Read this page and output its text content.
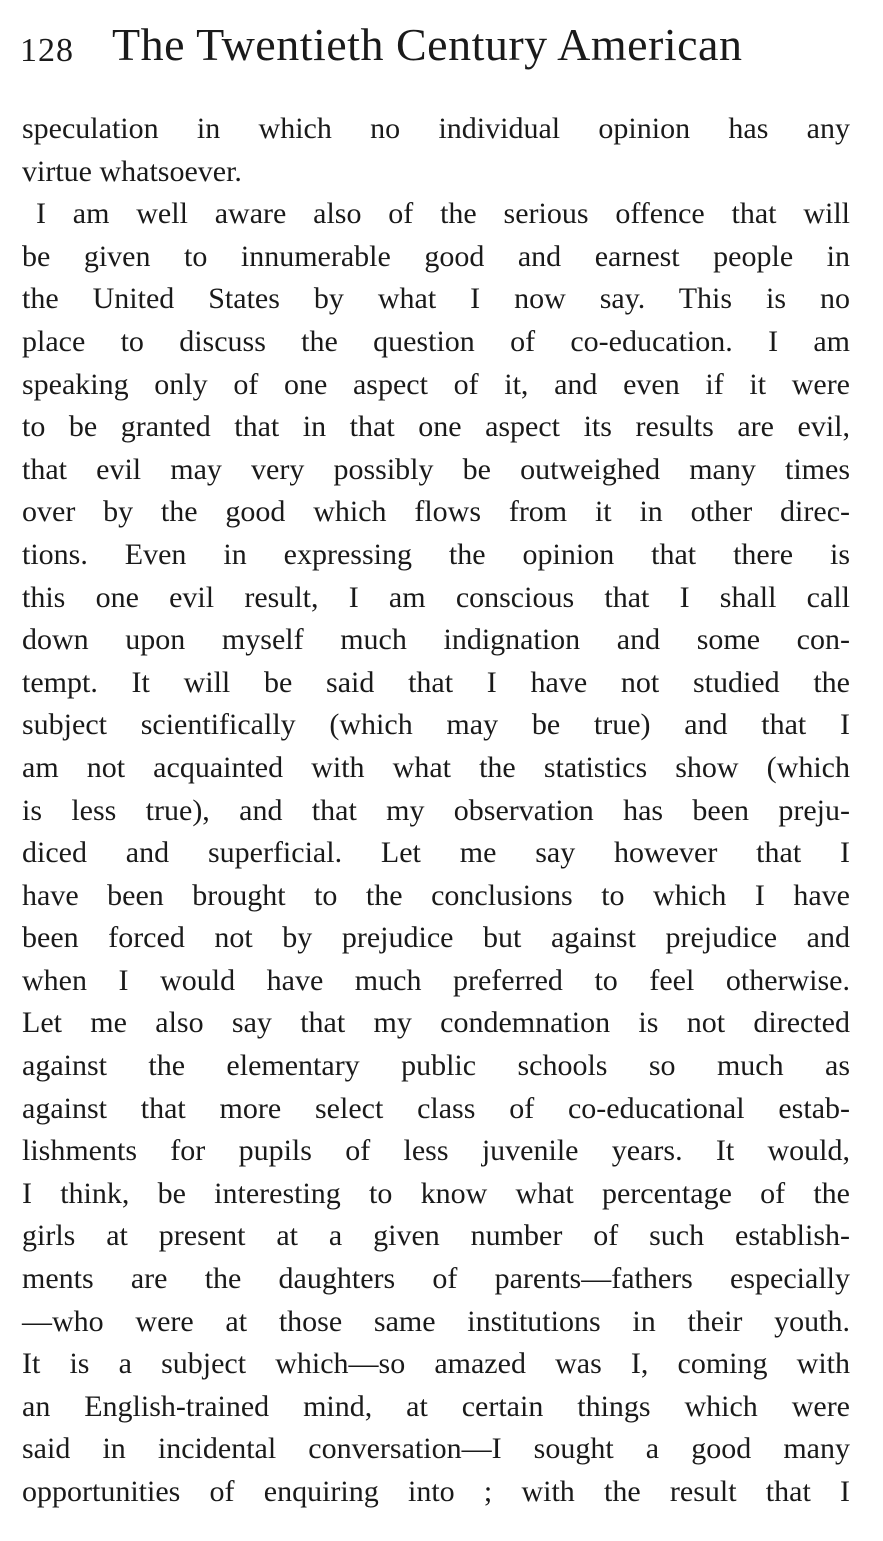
128 The Twentieth Century American
speculation in which no individual opinion has any
virtue whatsoever.
I am well aware also of the serious offence that will
be given to innumerable good and earnest people in
the United States by what I now say. This is no
place to discuss the question of co-education. I am
speaking only of one aspect of it, and even if it were
to be granted that in that one aspect its results are evil,
that evil may very possibly be outweighed many times
over by the good which flows from it in other direc-
tions. Even in expressing the opinion that there is
this one evil result, I am conscious that I shall call
down upon myself much indignation and some con-
tempt. It will be said that I have not studied the
subject scientifically (which may be true) and that I
am not acquainted with what the statistics show (which
is less true), and that my observation has been preju-
diced and superficial. Let me say however that I
have been brought to the conclusions to which I have
been forced not by prejudice but against prejudice and
when I would have much preferred to feel otherwise.
Let me also say that my condemnation is not directed
against the elementary public schools so much as
against that more select class of co-educational estab-
lishments for pupils of less juvenile years. It would,
I think, be interesting to know what percentage of the
girls at present at a given number of such establish-
ments are the daughters of parents—fathers especially
—who were at those same institutions in their youth.
It is a subject which—so amazed was I, coming with
an English-trained mind, at certain things which were
said in incidental conversation—I sought a good many
opportunities of enquiring into ; with the result that I
